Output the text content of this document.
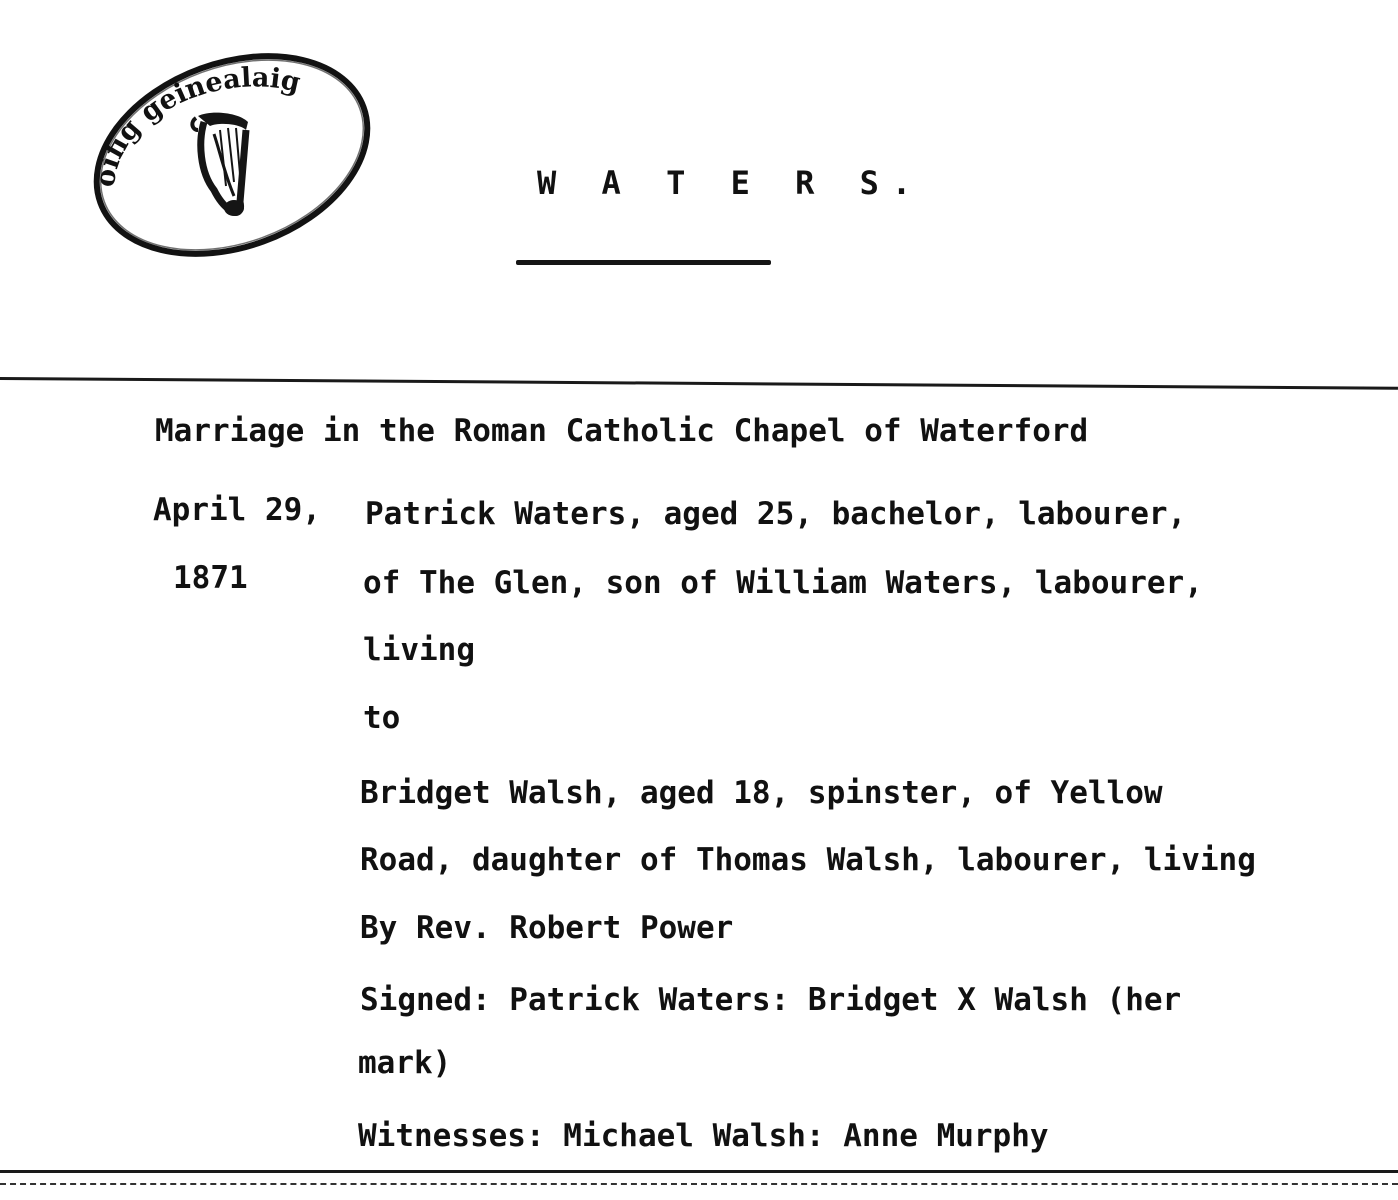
oifig geinealaig
W A T E R S.
Marriage in the Roman Catholic Chapel of Waterford
April 29,
1871
Patrick Waters, aged 25, bachelor, labourer,
of The Glen, son of William Waters, labourer,
living
to
Bridget Walsh, aged 18, spinster, of Yellow
Road, daughter of Thomas Walsh, labourer, living
By Rev. Robert Power
Signed: Patrick Waters: Bridget X Walsh (her
mark)
Witnesses: Michael Walsh: Anne Murphy
